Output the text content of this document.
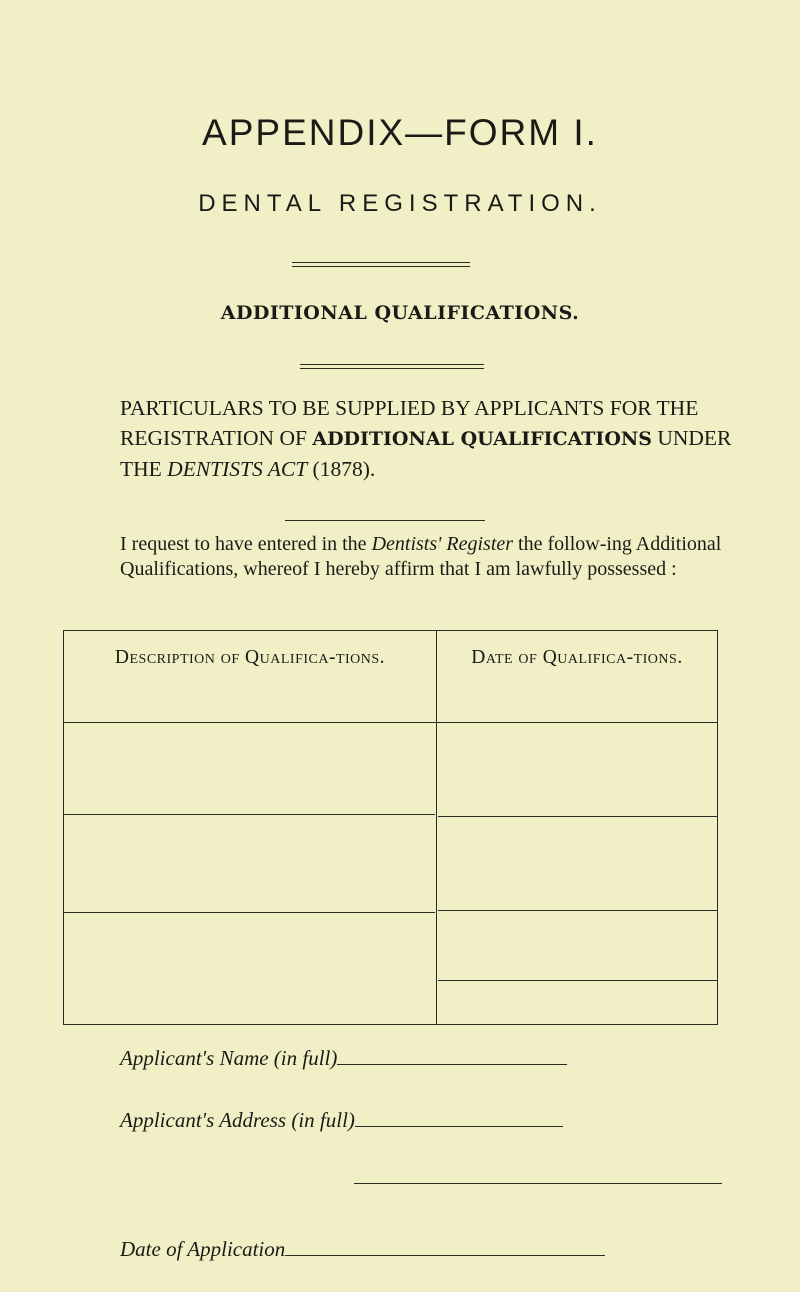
APPENDIX—FORM I.
DENTAL REGISTRATION.
ADDITIONAL QUALIFICATIONS.
PARTICULARS TO BE SUPPLIED BY APPLICANTS FOR THE REGISTRATION OF ADDITIONAL QUALIFICATIONS UNDER THE DENTISTS ACT (1878).
I request to have entered in the Dentists' Register the follow-ing Additional Qualifications, whereof I hereby affirm that I am lawfully possessed :
Description of Qualifica-tions.	Date of Qualifica-tions.
Applicant's Name (in full)
Applicant's Address (in full)
Date of Application
